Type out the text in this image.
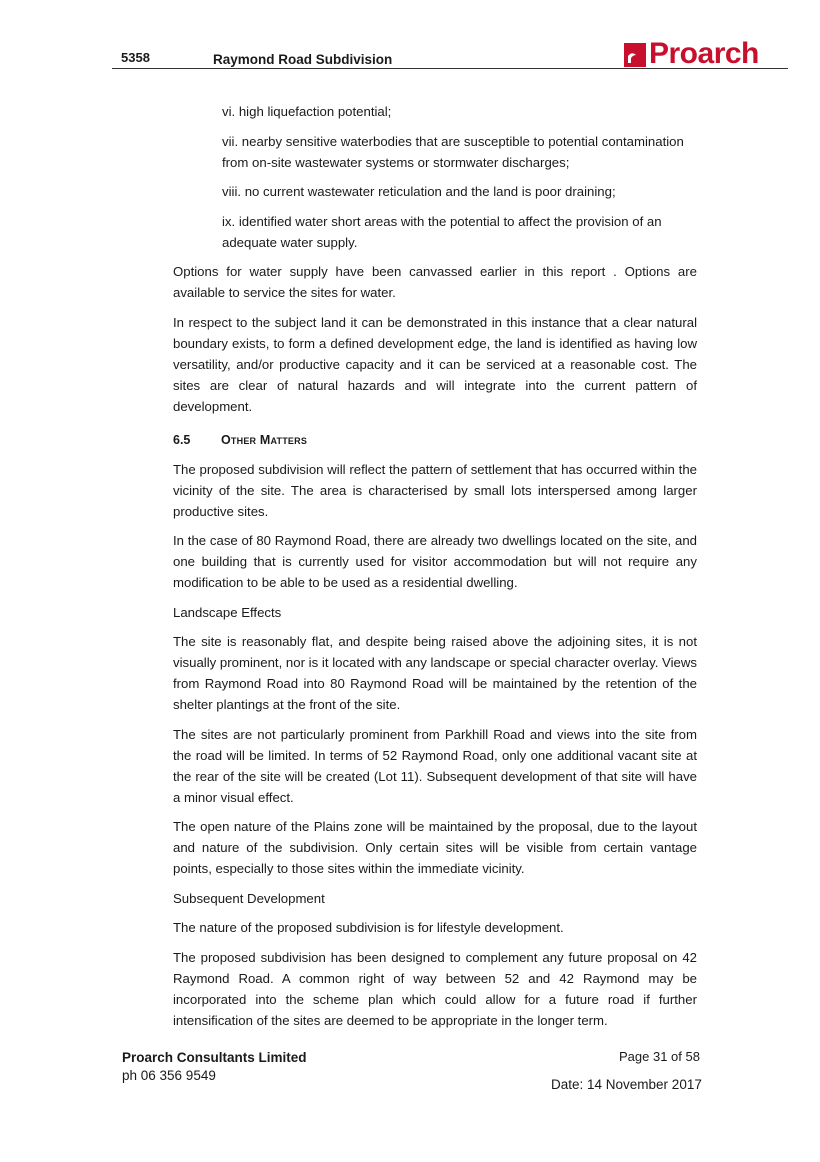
5358	Raymond Road Subdivision	Proarch

vi. high liquefaction potential;

vii. nearby sensitive waterbodies that are susceptible to potential contamination from on-site wastewater systems or stormwater discharges;

viii. no current wastewater reticulation and the land is poor draining;

ix. identified water short areas with the potential to affect the provision of an adequate water supply.

Options for water supply have been canvassed earlier in this report . Options are available to service the sites for water.

In respect to the subject land it can be demonstrated in this instance that a clear natural boundary exists, to form a defined development edge, the land is identified as having low versatility, and/or productive capacity and it can be serviced at a reasonable cost. The sites are clear of natural hazards and will integrate into the current pattern of development.

6.5	Other Matters

The proposed subdivision will reflect the pattern of settlement that has occurred within the vicinity of the site. The area is characterised by small lots interspersed among larger productive sites.

In the case of 80 Raymond Road, there are already two dwellings located on the site, and one building that is currently used for visitor accommodation but will not require any modification to be able to be used as a residential dwelling.

Landscape Effects

The site is reasonably flat, and despite being raised above the adjoining sites, it is not visually prominent, nor is it located with any landscape or special character overlay. Views from Raymond Road into 80 Raymond Road will be maintained by the retention of the shelter plantings at the front of the site.

The sites are not particularly prominent from Parkhill Road and views into the site from the road will be limited. In terms of 52 Raymond Road, only one additional vacant site at the rear of the site will be created (Lot 11). Subsequent development of that site will have a minor visual effect.

The open nature of the Plains zone will be maintained by the proposal, due to the layout and nature of the subdivision. Only certain sites will be visible from certain vantage points, especially to those sites within the immediate vicinity.

Subsequent Development

The nature of the proposed subdivision is for lifestyle development.

The proposed subdivision has been designed to complement any future proposal on 42 Raymond Road. A common right of way between 52 and 42 Raymond may be incorporated into the scheme plan which could allow for a future road if further intensification of the sites are deemed to be appropriate in the longer term.

Proarch Consultants Limited
ph 06 356 9549
Page 31 of 58
Date: 14 November 2017
